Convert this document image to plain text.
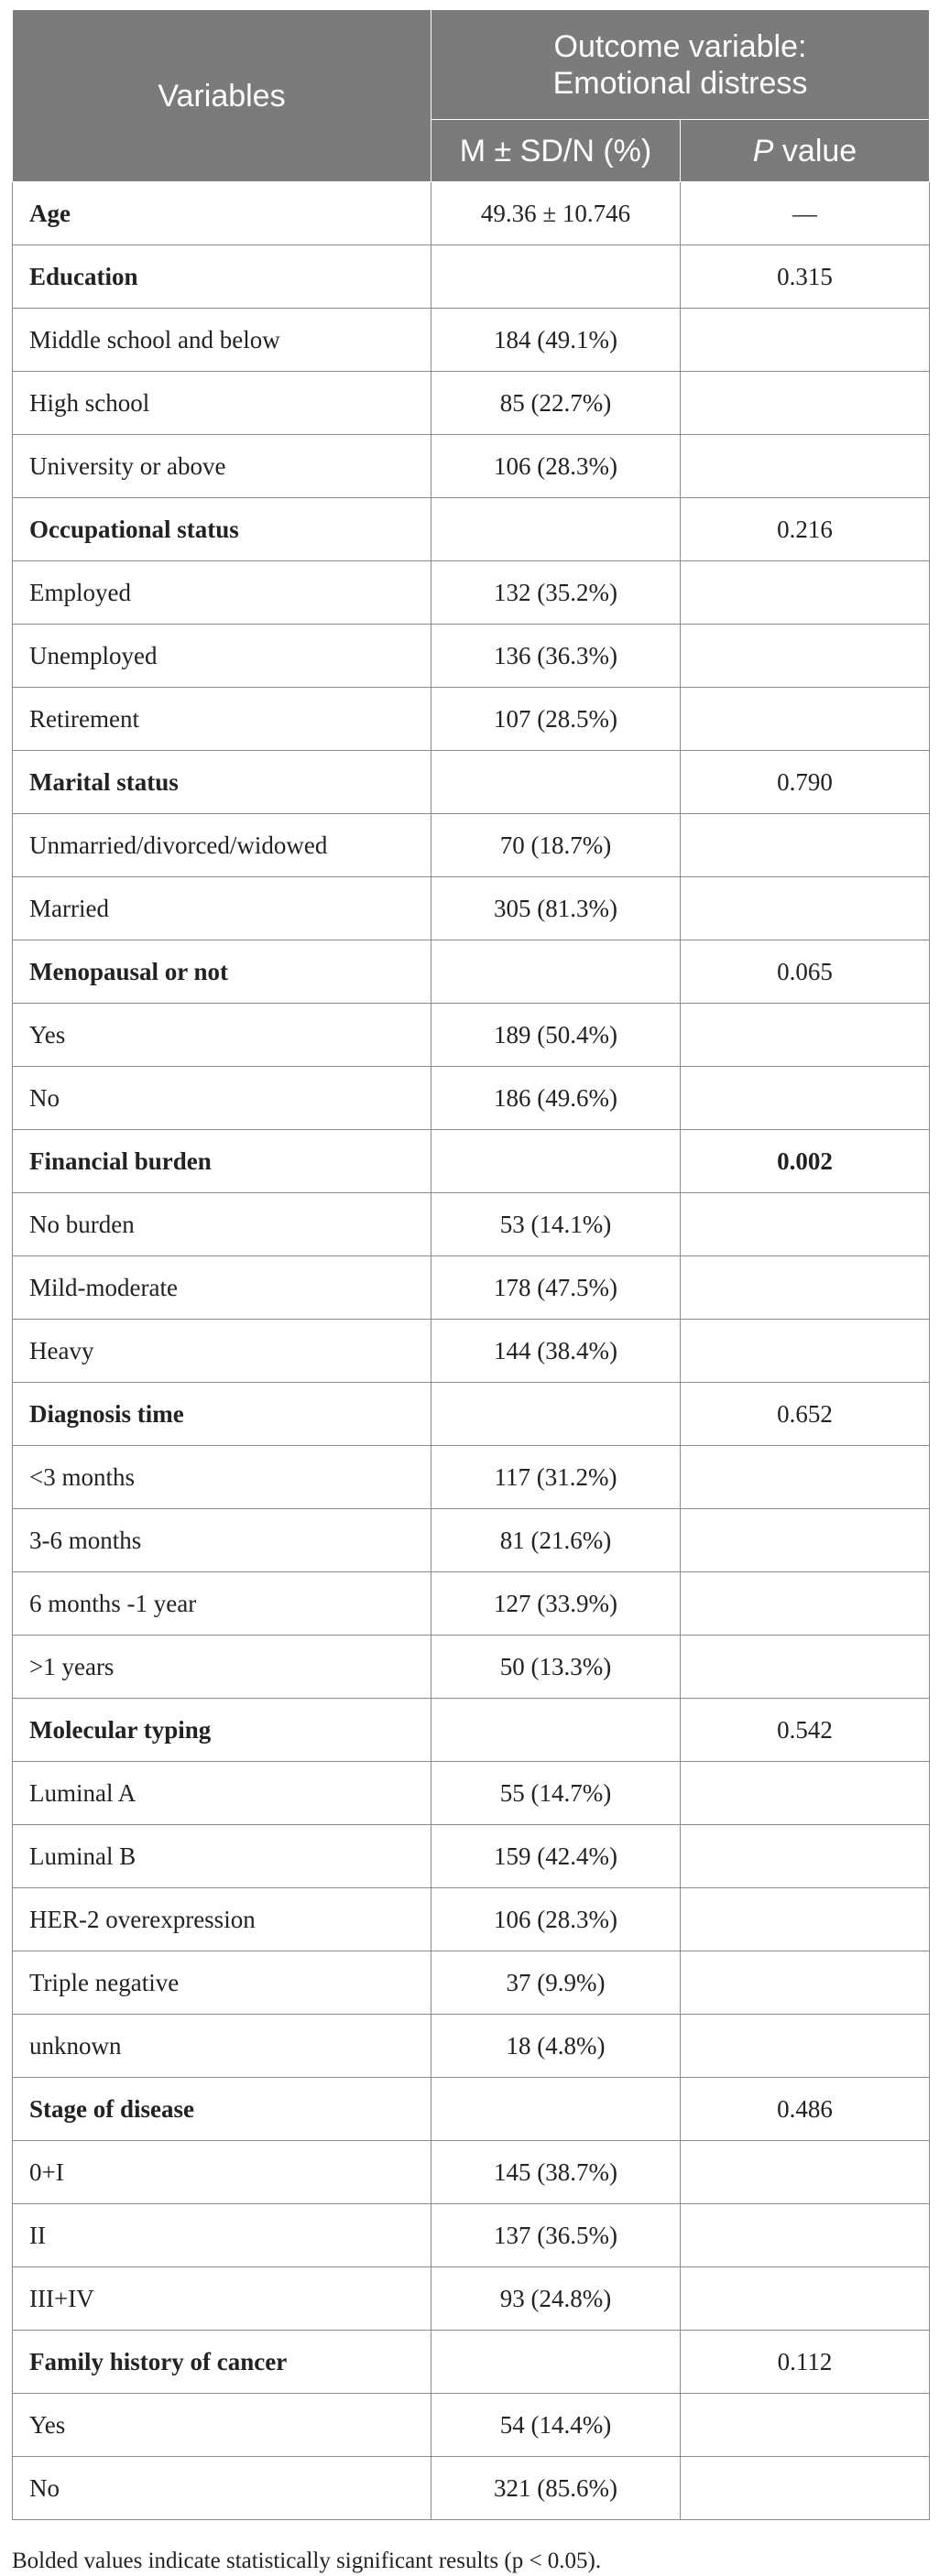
Variables	Outcome variable:
Emotional distress	

	M ± SD/N (%)	P value
Age	49.36 ± 10.746	—
Education		0.315
Middle school and below	184 (49.1%)	
High school	85 (22.7%)	
University or above	106 (28.3%)	
Occupational status		0.216
Employed	132 (35.2%)	
Unemployed	136 (36.3%)	
Retirement	107 (28.5%)	
Marital status		0.790
Unmarried/divorced/widowed	70 (18.7%)	
Married	305 (81.3%)	
Menopausal or not		0.065
Yes	189 (50.4%)	
No	186 (49.6%)	
Financial burden		0.002
No burden	53 (14.1%)	
Mild-moderate	178 (47.5%)	
Heavy	144 (38.4%)	
Diagnosis time		0.652
<3 months	117 (31.2%)	
3-6 months	81 (21.6%)	
6 months -1 year	127 (33.9%)	
>1 years	50 (13.3%)	
Molecular typing		0.542
Luminal A	55 (14.7%)	
Luminal B	159 (42.4%)	
HER-2 overexpression	106 (28.3%)	
Triple negative	37 (9.9%)	
unknown	18 (4.8%)	
Stage of disease		0.486
0+I	145 (38.7%)	
II	137 (36.5%)	
III+IV	93 (24.8%)	
Family history of cancer		0.112
Yes	54 (14.4%)	
No	321 (85.6%)	
Bolded values indicate statistically significant results (p < 0.05).
